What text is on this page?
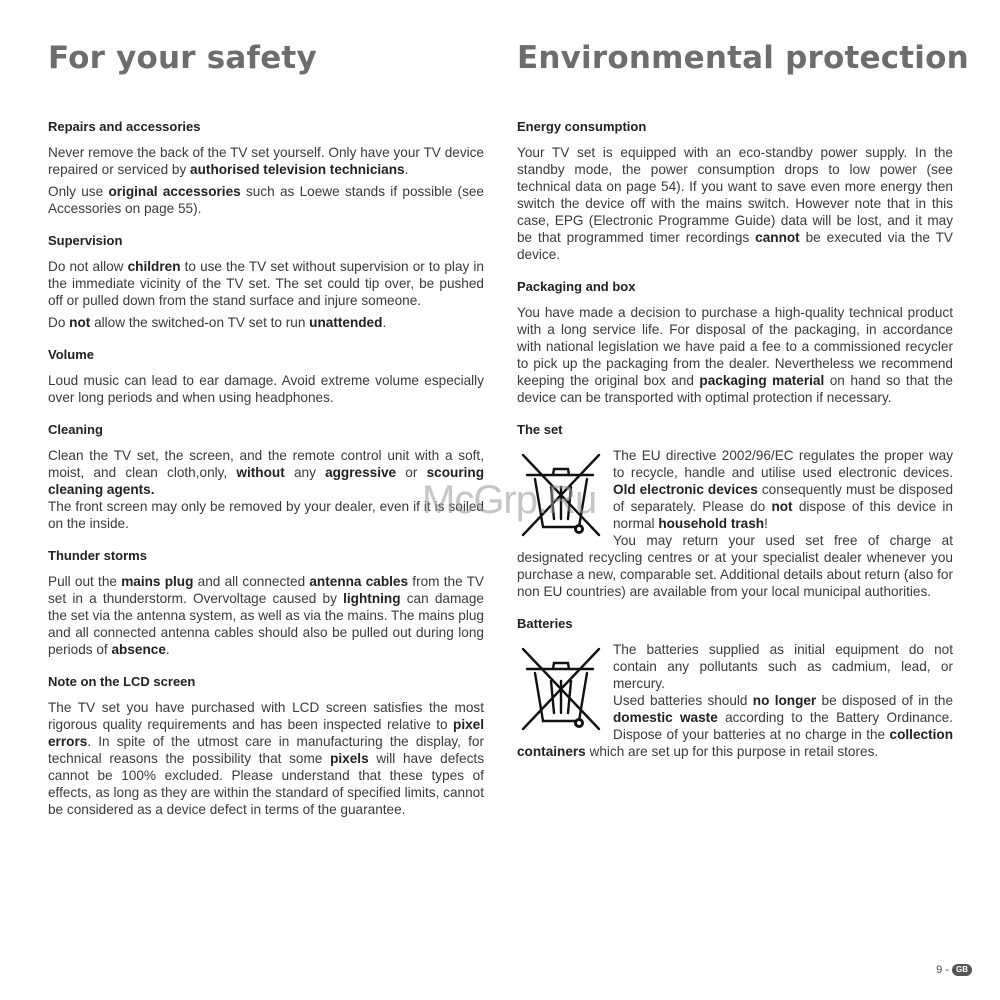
For your safety
Repairs and accessories

Never remove the back of the TV set yourself. Only have your TV device repaired or serviced by authorised television technicians.

Only use original accessories such as Loewe stands if possible (see Accessories on page 55).

Supervision

Do not allow children to use the TV set without supervision or to play in the immediate vicinity of the TV set. The set could tip over, be pushed off or pulled down from the stand surface and injure someone.

Do not allow the switched-on TV set to run unattended.

Volume

Loud music can lead to ear damage. Avoid extreme volume especially over long periods and when using headphones.

Cleaning

Clean the TV set, the screen, and the remote control unit with a soft, moist, and clean cloth,only, without any aggressive or scouring cleaning agents.

The front screen may only be removed by your dealer, even if it is soiled on the inside.

Thunder storms

Pull out the mains plug and all connected antenna cables from the TV set in a thunderstorm. Overvoltage caused by lightning can damage the set via the antenna system, as well as via the mains. The mains plug and all connected antenna cables should also be pulled out during long periods of absence.

Note on the LCD screen

The TV set you have purchased with LCD screen satisfies the most rigorous quality requirements and has been inspected relative to pixel errors. In spite of the utmost care in manufacturing the display, for technical reasons the possibility that some pixels will have defects cannot be 100% excluded. Please understand that these types of effects, as long as they are within the standard of specified limits, cannot be considered as a device defect in terms of the guarantee.

Environmental protection
Energy consumption

Your TV set is equipped with an eco-standby power supply. In the standby mode, the power consumption drops to low power (see technical data on page 54). If you want to save even more energy then switch the device off with the mains switch. However note that in this case, EPG (Electronic Programme Guide) data will be lost, and it may be that programmed timer recordings cannot be executed via the TV device.

Packaging and box

You have made a decision to purchase a high-quality technical product with a long service life. For disposal of the packaging, in accordance with national legislation we have paid a fee to a commissioned recycler to pick up the packaging from the dealer. Nevertheless we recommend keeping the original box and packaging material on hand so that the device can be transported with optimal protection if necessary.

The set

The EU directive 2002/96/EC regulates the proper way to recycle, handle and utilise used electronic devices. Old electronic devices consequently must be disposed of separately. Please do not dispose of this device in normal household trash!

You may return your used set free of charge at designated recycling centres or at your specialist dealer whenever you purchase a new, comparable set. Additional details about return (also for non EU countries) are available from your local municipal authorities.

Batteries

The batteries supplied as initial equipment do not contain any pollutants such as cadmium, lead, or mercury.

Used batteries should no longer be disposed of in the domestic waste according to the Battery Ordinance. Dispose of your batteries at no charge in the collection containers which are set up for this purpose in retail stores.

McGrp.Ru
9 - GB
